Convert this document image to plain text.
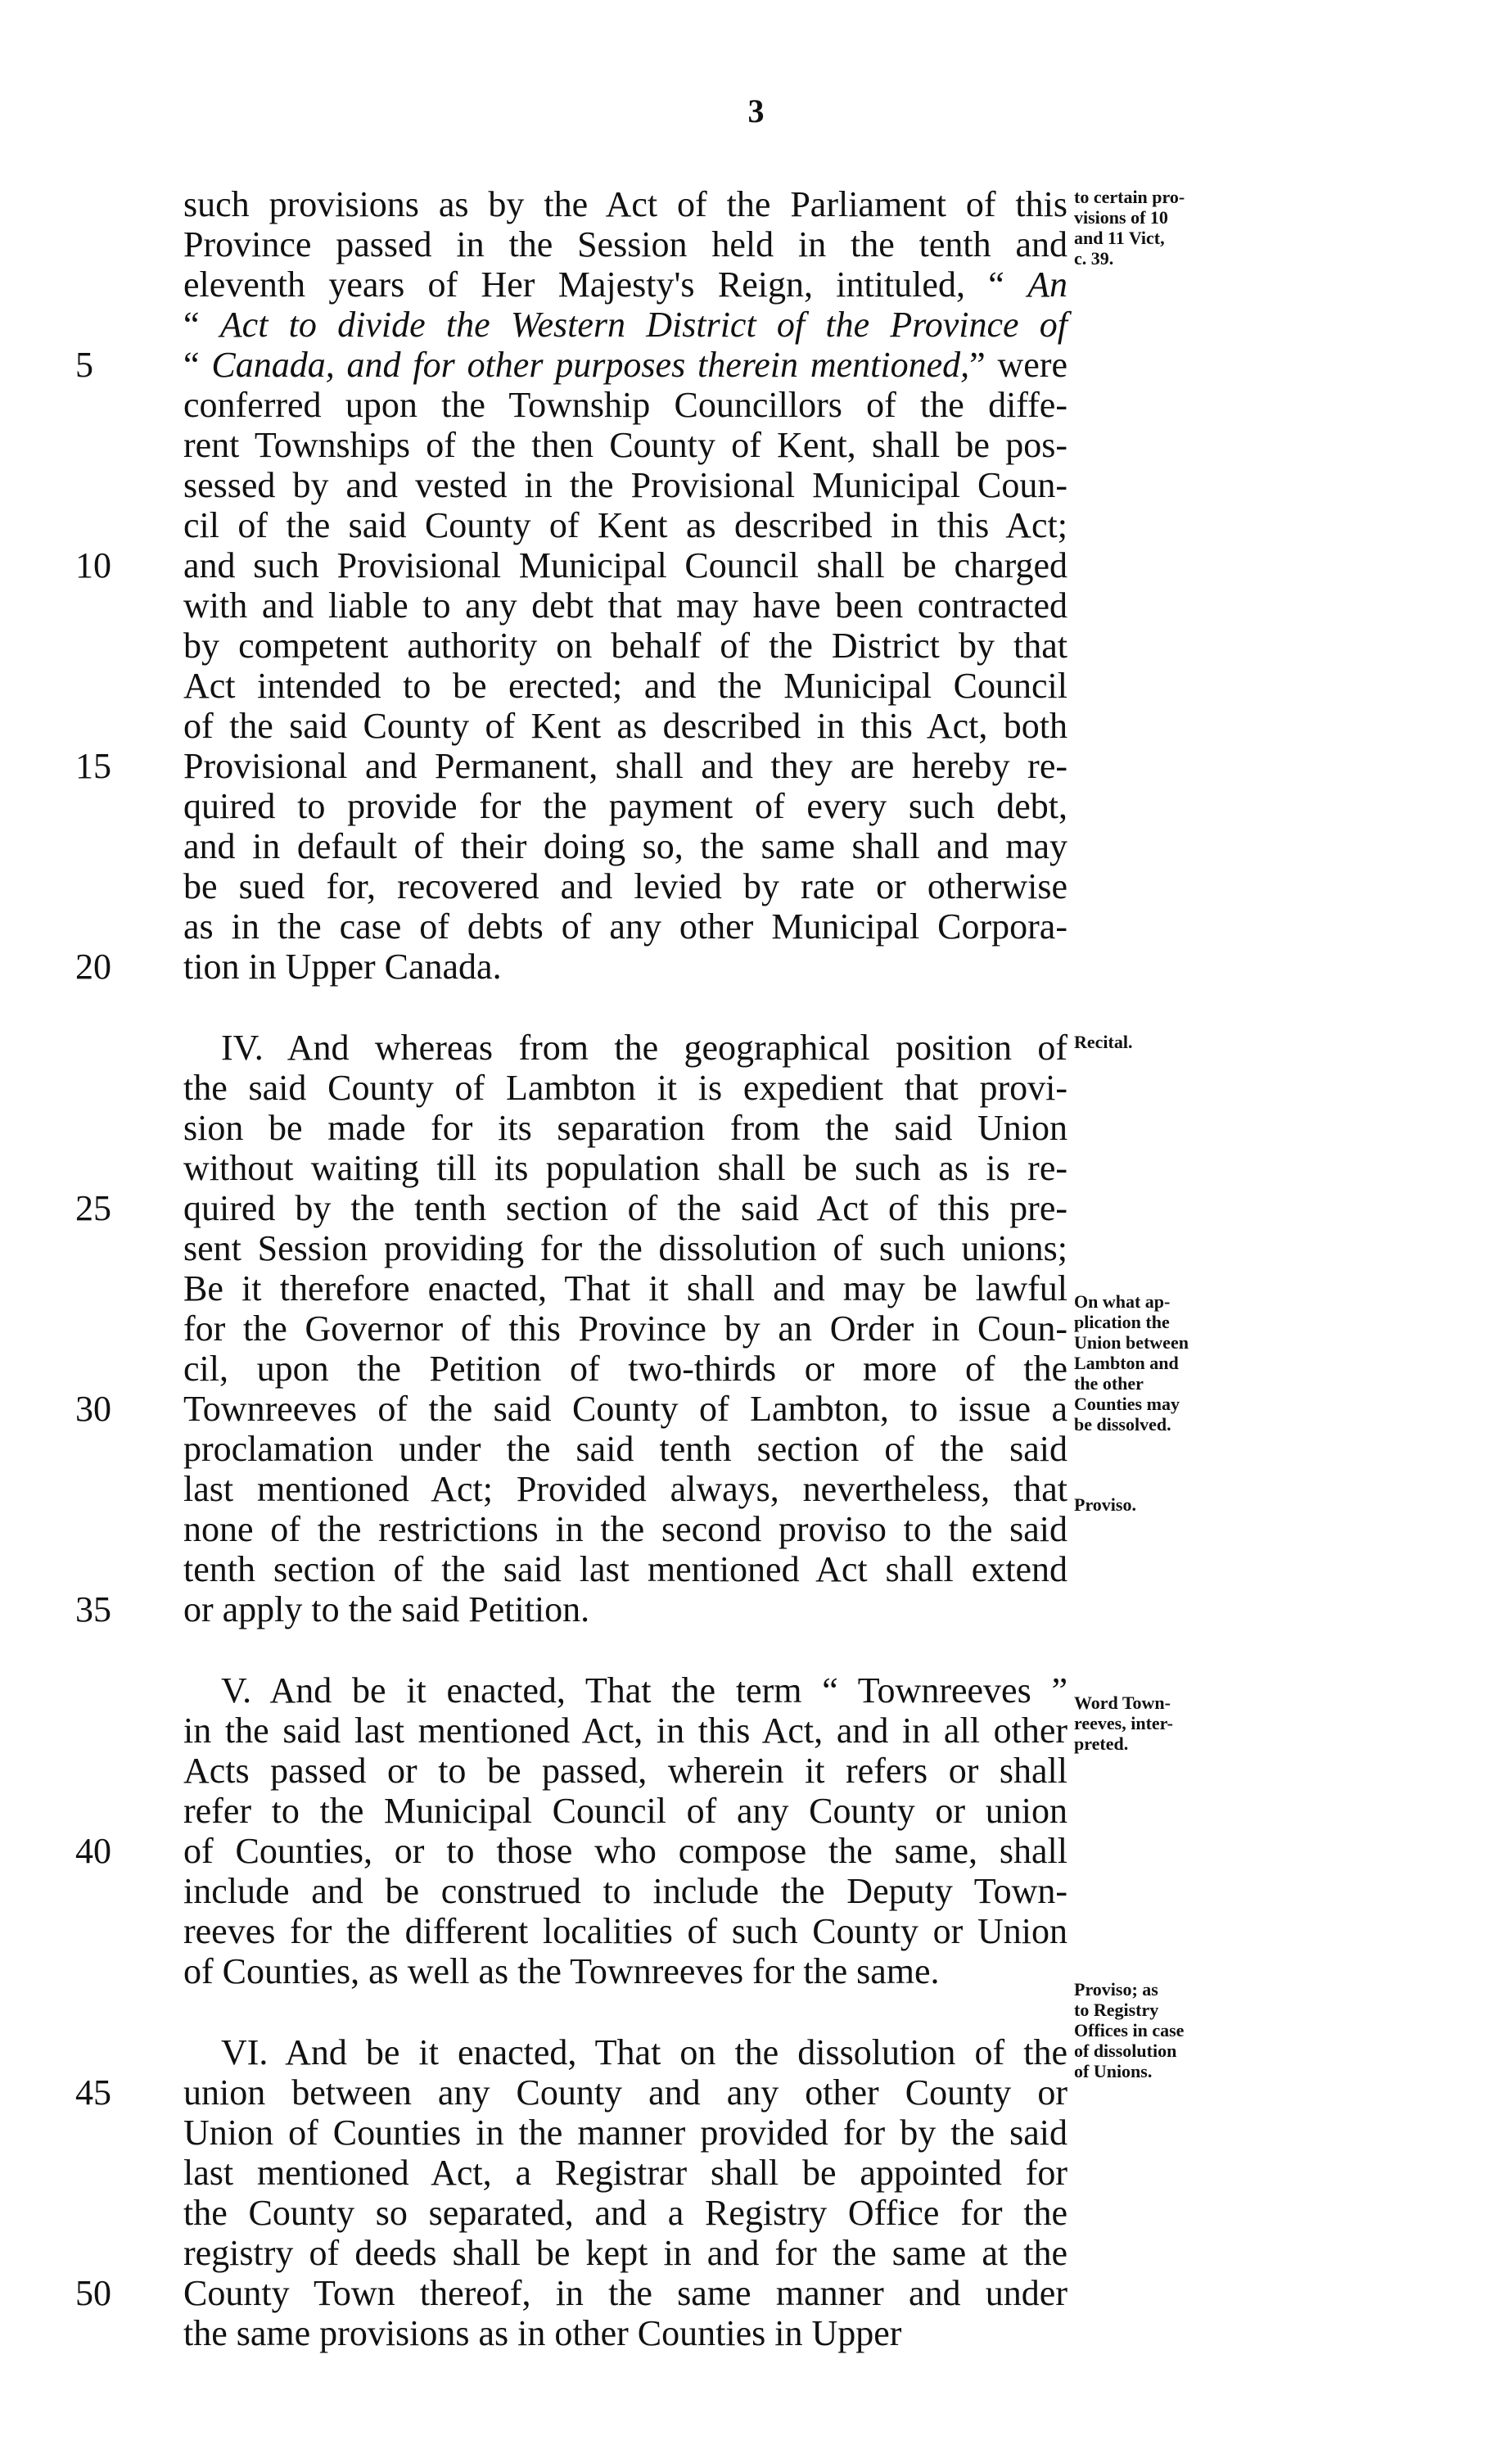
3
such provisions as by the Act of the Parliament of this
Province passed in the Session held in the tenth and
eleventh years of Her Majesty's Reign, intituled, “ An
“ Act to divide the Western District of the Province of
5	“ Canada, and for other purposes therein mentioned,” were
conferred upon the Township Councillors of the diffe-
rent Townships of the then County of Kent, shall be pos-
sessed by and vested in the Provisional Municipal Coun-
cil of the said County of Kent as described in this Act;
10	and such Provisional Municipal Council shall be charged
with and liable to any debt that may have been contracted
by competent authority on behalf of the District by that
Act intended to be erected; and the Municipal Council
of the said County of Kent as described in this Act, both
15	Provisional and Permanent, shall and they are hereby re-
quired to provide for the payment of every such debt,
and in default of their doing so, the same shall and may
be sued for, recovered and levied by rate or otherwise
as in the case of debts of any other Municipal Corpora-
20	tion in Upper Canada.
IV. And whereas from the geographical position of
the said County of Lambton it is expedient that provi-
sion be made for its separation from the said Union
without waiting till its population shall be such as is re-
25	quired by the tenth section of the said Act of this pre-
sent Session providing for the dissolution of such unions;
Be it therefore enacted, That it shall and may be lawful
for the Governor of this Province by an Order in Coun-
cil, upon the Petition of two-thirds or more of the
30	Townreeves of the said County of Lambton, to issue a
proclamation under the said tenth section of the said
last mentioned Act; Provided always, nevertheless, that
none of the restrictions in the second proviso to the said
tenth section of the said last mentioned Act shall extend
35	or apply to the said Petition.
V. And be it enacted, That the term “ Townreeves ”
in the said last mentioned Act, in this Act, and in all other
Acts passed or to be passed, wherein it refers or shall
refer to the Municipal Council of any County or union
40	of Counties, or to those who compose the same, shall
include and be construed to include the Deputy Town-
reeves for the different localities of such County or Union
of Counties, as well as the Townreeves for the same.
VI. And be it enacted, That on the dissolution of the
45	union between any County and any other County or
Union of Counties in the manner provided for by the said
last mentioned Act, a Registrar shall be appointed for
the County so separated, and a Registry Office for the
registry of deeds shall be kept in and for the same at the
50	County Town thereof, in the same manner and under
the same provisions as in other Counties in Upper
to certain pro-
visions of 10
and 11 Vict,
c. 39.
Recital.
On what ap-
plication the
Union between
Lambton and
the other
Counties may
be dissolved.
Proviso.
Word Town-
reeves, inter-
preted.
Proviso; as
to Registry
Offices in case
of dissolution
of Unions.
